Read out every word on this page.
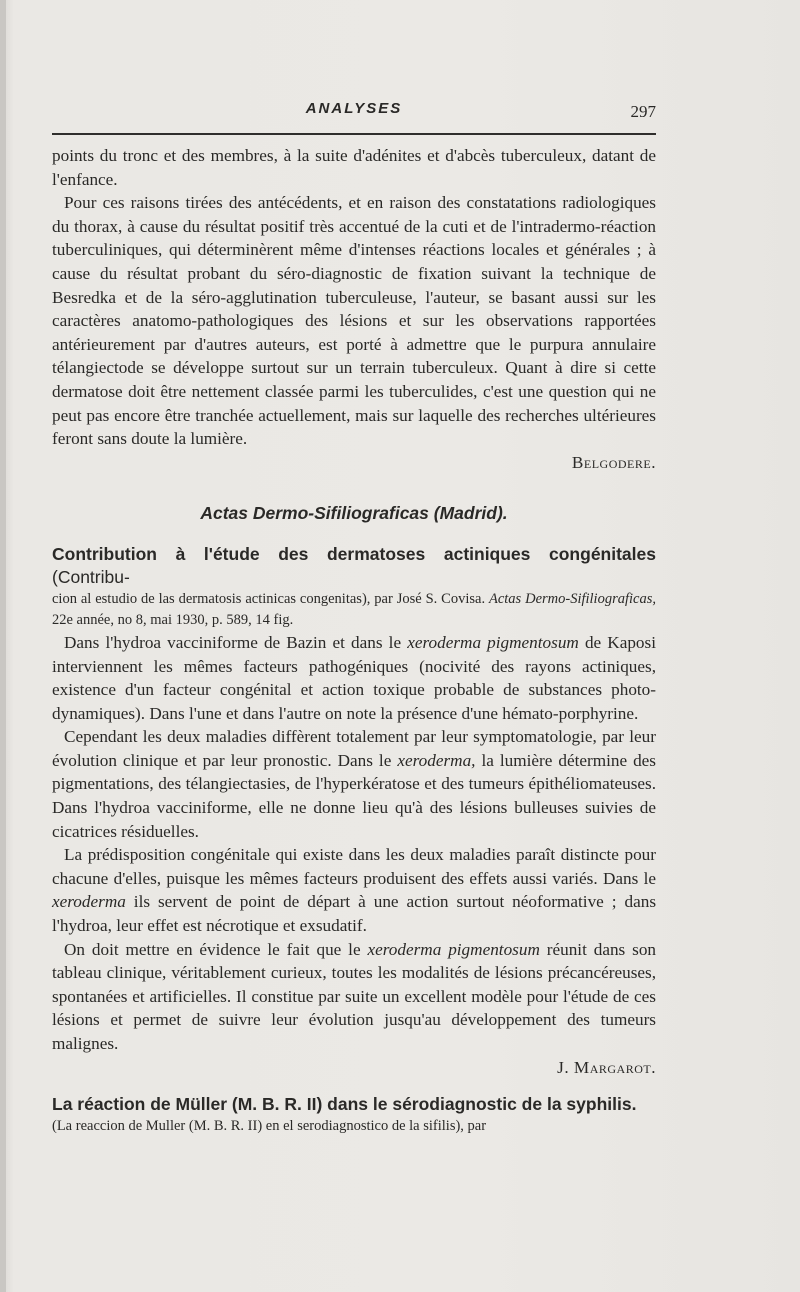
ANALYSES	297

points du tronc et des membres, à la suite d'adénites et d'abcès tuberculeux, datant de l'enfance.

Pour ces raisons tirées des antécédents, et en raison des constatations radiologiques du thorax, à cause du résultat positif très accentué de la cuti et de l'intradermo-réaction tuberculiniques, qui déterminèrent même d'intenses réactions locales et générales ; à cause du résultat probant du séro-diagnostic de fixation suivant la technique de Besredka et de la séro-agglutination tuberculeuse, l'auteur, se basant aussi sur les caractères anatomo-pathologiques des lésions et sur les observations rapportées antérieurement par d'autres auteurs, est porté à admettre que le purpura annulaire télangiectode se développe surtout sur un terrain tuberculeux. Quant à dire si cette dermatose doit être nettement classée parmi les tuberculides, c'est une question qui ne peut pas encore être tranchée actuellement, mais sur laquelle des recherches ultérieures feront sans doute la lumière.

Belgodere.

Actas Dermo-Sifiliograficas (Madrid).

Contribution à l'étude des dermatoses actiniques congénitales (Contribu-

cion al estudio de las dermatosis actinicas congenitas), par José S. Covisa. Actas Dermo-Sifiliograficas, 22e année, no 8, mai 1930, p. 589, 14 fig.

Dans l'hydroa vacciniforme de Bazin et dans le xeroderma pigmentosum de Kaposi interviennent les mêmes facteurs pathogéniques (nocivité des rayons actiniques, existence d'un facteur congénital et action toxique probable de substances photo-dynamiques). Dans l'une et dans l'autre on note la présence d'une hémato-porphyrine.

Cependant les deux maladies diffèrent totalement par leur symptomatologie, par leur évolution clinique et par leur pronostic. Dans le xeroderma, la lumière détermine des pigmentations, des télangiectasies, de l'hyperkératose et des tumeurs épithéliomateuses. Dans l'hydroa vacciniforme, elle ne donne lieu qu'à des lésions bulleuses suivies de cicatrices résiduelles.

La prédisposition congénitale qui existe dans les deux maladies paraît distincte pour chacune d'elles, puisque les mêmes facteurs produisent des effets aussi variés. Dans le xeroderma ils servent de point de départ à une action surtout néoformative ; dans l'hydroa, leur effet est nécrotique et exsudatif.

On doit mettre en évidence le fait que le xeroderma pigmentosum réunit dans son tableau clinique, véritablement curieux, toutes les modalités de lésions précancéreuses, spontanées et artificielles. Il constitue par suite un excellent modèle pour l'étude de ces lésions et permet de suivre leur évolution jusqu'au développement des tumeurs malignes.

J. Margarot.

La réaction de Müller (M. B. R. II) dans le sérodiagnostic de la syphilis.

(La reaccion de Muller (M. B. R. II) en el serodiagnostico de la sifilis), par
